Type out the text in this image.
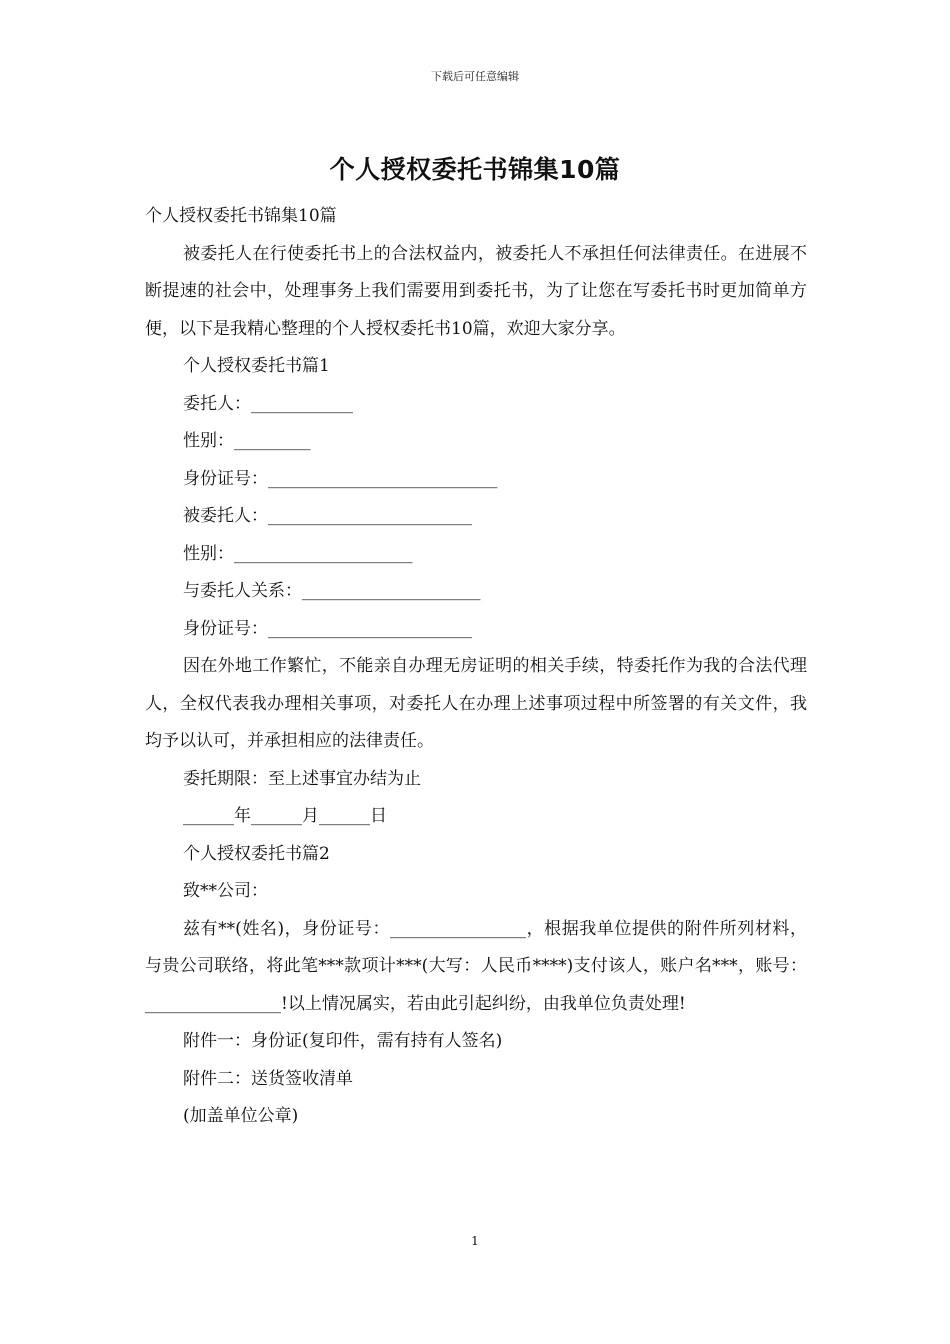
下载后可任意编辑
个人授权委托书锦集10篇

个人授权委托书锦集10篇

被委托人在行使委托书上的合法权益内，被委托人不承担任何法律责任。在进展不断提速的社会中，处理事务上我们需要用到委托书，为了让您在写委托书时更加简单方便，以下是我精心整理的个人授权委托书10篇，欢迎大家分享。

个人授权委托书篇1

委托人：____________

性别：_________

身份证号：___________________________

被委托人：________________________

性别：_____________________

与委托人关系：_____________________

身份证号：________________________

因在外地工作繁忙，不能亲自办理无房证明的相关手续，特委托作为我的合法代理人，全权代表我办理相关事项，对委托人在办理上述事项过程中所签署的有关文件，我均予以认可，并承担相应的法律责任。

委托期限：至上述事宜办结为止

______年______月______日

个人授权委托书篇2

致**公司：

兹有**(姓名)，身份证号：________________，根据我单位提供的附件所列材料，与贵公司联络，将此笔***款项计***(大写：人民币****)支付该人，账户名***，账号：________________!以上情况属实，若由此引起纠纷，由我单位负责处理!

附件一：身份证(复印件，需有持有人签名)

附件二：送货签收清单

(加盖单位公章)

1
